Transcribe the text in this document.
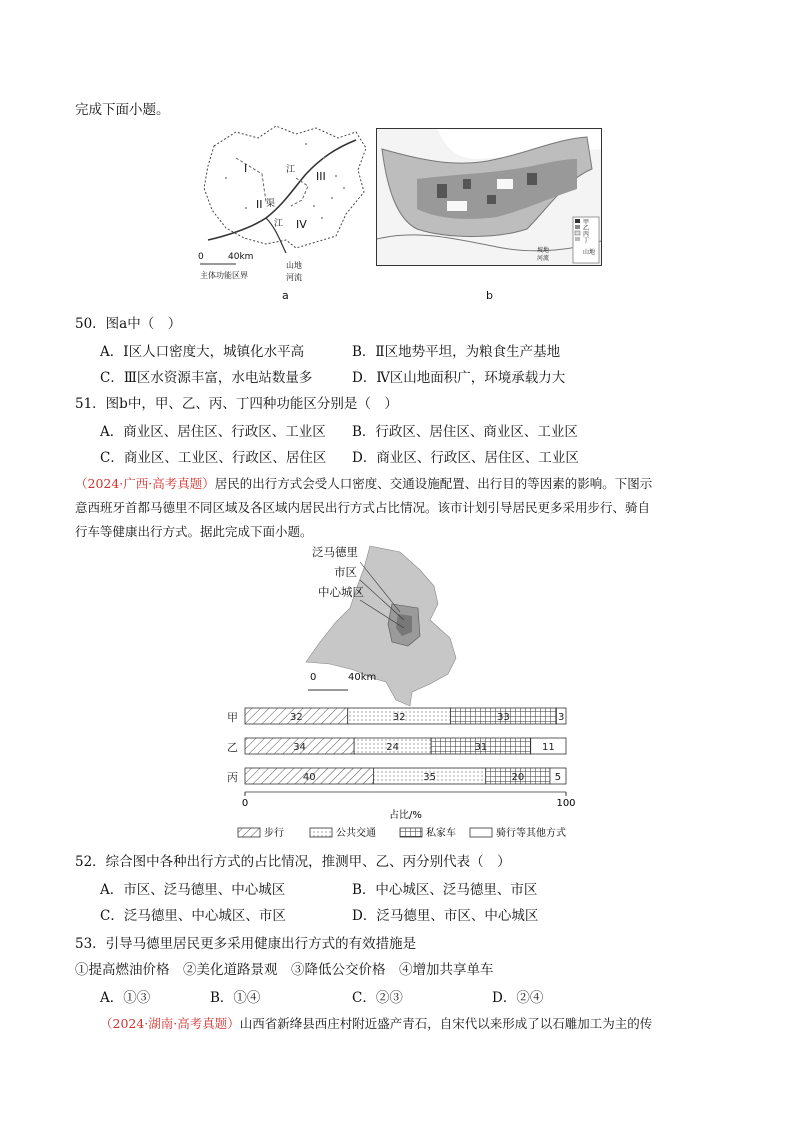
完成下面小题。
I
II
III
IV
江
渠
江
0	40km
主体功能区界
山地
河流
a
甲
乙
丙
丁
坡地
河流
山地
b
50．图a中（　）
A．Ⅰ区人口密度大，城镇化水平高	B．Ⅱ区地势平坦，为粮食生产基地
C．Ⅲ区水资源丰富，水电站数量多	D．Ⅳ区山地面积广，环境承载力大
51．图b中，甲、乙、丙、丁四种功能区分别是（　）
A．商业区、居住区、行政区、工业区 B．行政区、居住区、商业区、工业区
C．商业区、工业区、行政区、居住区 D．商业区、行政区、居住区、工业区
（2024·广西·高考真题）居民的出行方式会受人口密度、交通设施配置、出行目的等因素的影响。下图示
意西班牙首都马德里不同区域及各区域内居民出行方式占比情况。该市计划引导居民更多采用步行、骑自
行车等健康出行方式。据此完成下面小题。
泛马德里
市区
中心城区
0	40km
甲	32	32	33	3
乙	34	24	31	11
丙	40	35	20	5
0	100
占比/%
步行	公共交通	私家车	骑行等其他方式
52．综合图中各种出行方式的占比情况，推测甲、乙、丙分别代表（　）
A．市区、泛马德里、中心城区	B．中心城区、泛马德里、市区
C．泛马德里、中心城区、市区	D．泛马德里、市区、中心城区
53．引导马德里居民更多采用健康出行方式的有效措施是
①提高燃油价格　②美化道路景观　③降低公交价格　④增加共享单车
A．①③	B．①④	C．②③	D．②④
（2024·湖南·高考真题）山西省新绛县西庄村附近盛产青石，自宋代以来形成了以石雕加工为主的传
